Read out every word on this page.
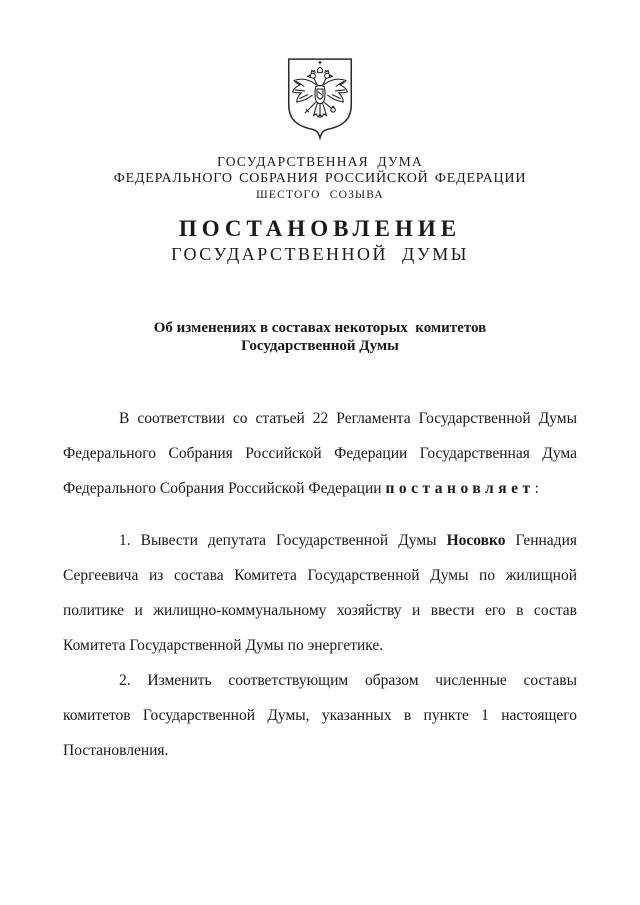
ГОСУДАРСТВЕННАЯ ДУМА
ФЕДЕРАЛЬНОГО СОБРАНИЯ РОССИЙСКОЙ ФЕДЕРАЦИИ
ШЕСТОГО СОЗЫВА
ПОСТАНОВЛЕНИЕ
ГОСУДАРСТВЕННОЙ ДУМЫ
Об изменениях в составах некоторых  комитетов
Государственной Думы

В соответствии со статьей 22 Регламента Государственной Думы Федерального Собрания Российской Федерации Государственная Дума Федерального Собрания Российской Федерации постановляет:

1. Вывести депутата Государственной Думы Носовко Геннадия Сергеевича из состава Комитета Государственной Думы по жилищной политике и жилищно-коммунальному хозяйству и ввести его в состав Комитета Государственной Думы по энергетике.

2. Изменить соответствующим образом численные составы комитетов Государственной Думы, указанных в пункте 1 настоящего Постановления.
